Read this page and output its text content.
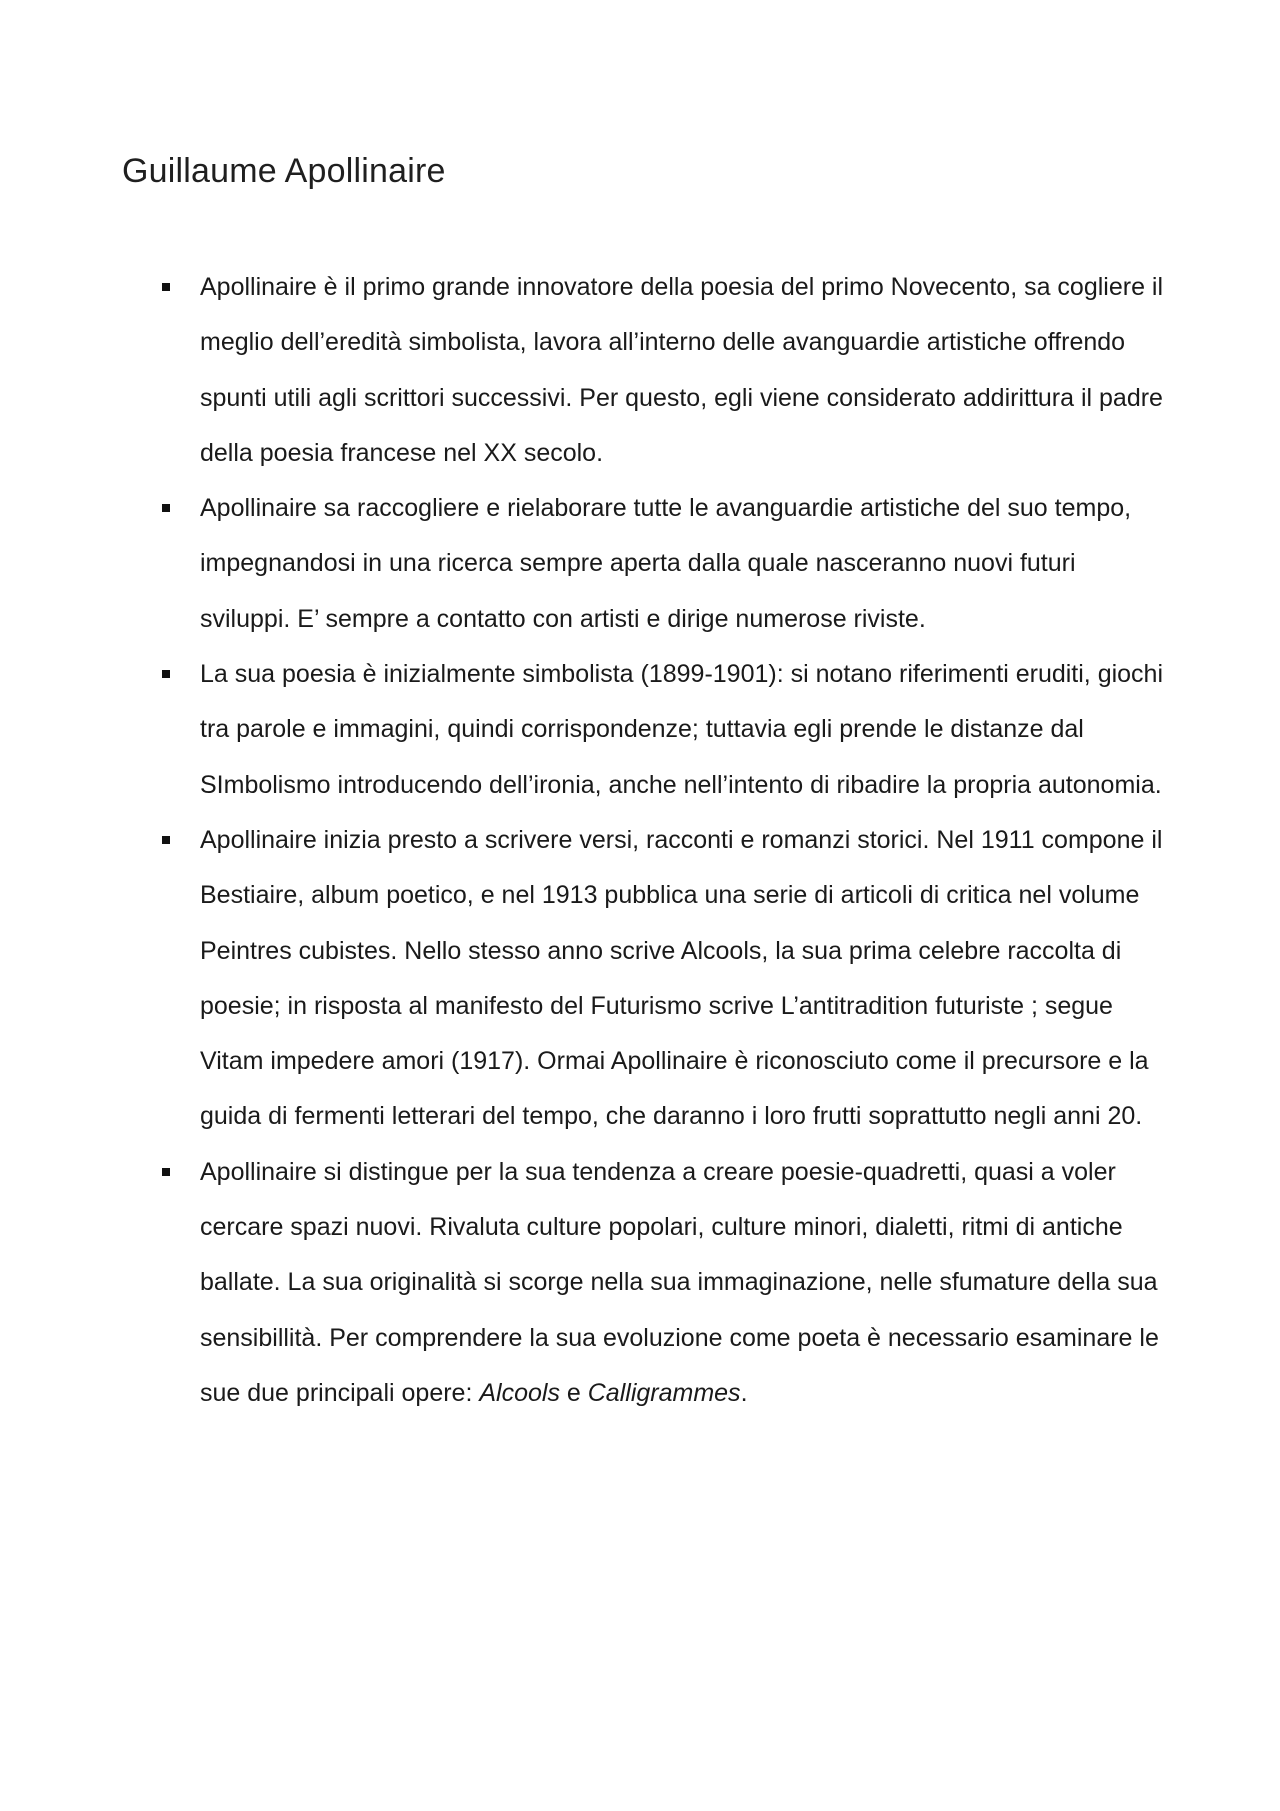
Guillaume Apollinaire
Apollinaire è il primo grande innovatore della poesia del primo Novecento, sa cogliere il meglio dell’eredità simbolista, lavora all’interno delle avanguardie artistiche offrendo spunti utili agli scrittori successivi. Per questo, egli viene considerato addirittura il padre della poesia francese nel XX secolo.
Apollinaire sa raccogliere e rielaborare tutte le avanguardie artistiche del suo tempo, impegnandosi in una ricerca sempre aperta dalla quale nasceranno nuovi futuri sviluppi. E’ sempre a contatto con artisti e dirige numerose riviste.
La sua poesia è inizialmente simbolista (1899-1901): si notano riferimenti eruditi, giochi tra parole e immagini, quindi corrispondenze; tuttavia egli prende le distanze dal SImbolismo introducendo dell’ironia, anche nell’intento di ribadire la propria autonomia.
Apollinaire inizia presto a scrivere versi, racconti e romanzi storici. Nel 1911 compone il Bestiaire, album poetico, e nel 1913 pubblica una serie di articoli di critica nel volume Peintres cubistes. Nello stesso anno scrive Alcools, la sua prima celebre raccolta di poesie; in risposta al manifesto del Futurismo scrive L’antitradition futuriste ; segue Vitam impedere amori (1917). Ormai Apollinaire è riconosciuto come il precursore e la guida di fermenti letterari del tempo, che daranno i loro frutti soprattutto negli anni 20.
Apollinaire si distingue per la sua tendenza a creare poesie-quadretti, quasi a voler cercare spazi nuovi. Rivaluta culture popolari, culture minori, dialetti, ritmi di antiche ballate. La sua originalità si scorge nella sua immaginazione, nelle sfumature della sua sensibillità. Per comprendere la sua evoluzione come poeta è necessario esaminare le sue due principali opere: Alcools e Calligrammes.
